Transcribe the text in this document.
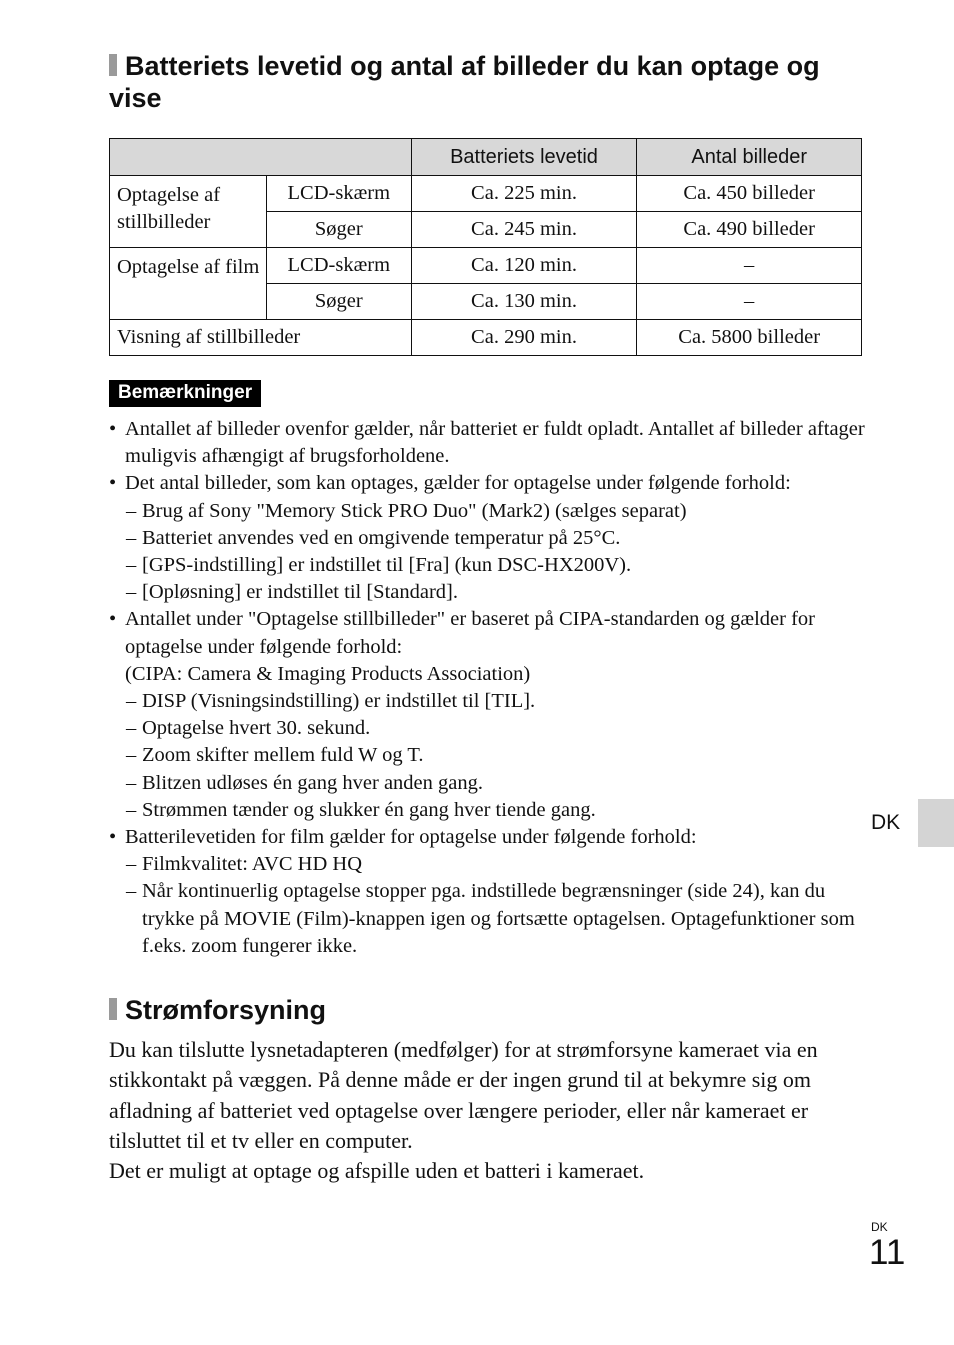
Batteriets levetid og antal af billeder du kan optage og vise
		Batteriets levetid	Antal billeder
Optagelse af stillbilleder	LCD-skærm	Ca. 225 min.	Ca. 450 billeder
	Søger	Ca. 245 min.	Ca. 490 billeder
Optagelse af film	LCD-skærm	Ca. 120 min.	–
	Søger	Ca. 130 min.	–
Visning af stillbilleder		Ca. 290 min.	Ca. 5800 billeder
Bemærkninger
• Antallet af billeder ovenfor gælder, når batteriet er fuldt opladt. Antallet af billeder aftager muligvis afhængigt af brugsforholdene.
• Det antal billeder, som kan optages, gælder for optagelse under følgende forhold:
– Brug af Sony "Memory Stick PRO Duo" (Mark2) (sælges separat)
– Batteriet anvendes ved en omgivende temperatur på 25°C.
– [GPS-indstilling] er indstillet til [Fra] (kun DSC-HX200V).
– [Opløsning] er indstillet til [Standard].
• Antallet under "Optagelse stillbilleder" er baseret på CIPA-standarden og gælder for optagelse under følgende forhold:
(CIPA: Camera & Imaging Products Association)
– DISP (Visningsindstilling) er indstillet til [TIL].
– Optagelse hvert 30. sekund.
– Zoom skifter mellem fuld W og T.
– Blitzen udløses én gang hver anden gang.
– Strømmen tænder og slukker én gang hver tiende gang.
• Batterilevetiden for film gælder for optagelse under følgende forhold:
– Filmkvalitet: AVC HD HQ
– Når kontinuerlig optagelse stopper pga. indstillede begrænsninger (side 24), kan du trykke på MOVIE (Film)-knappen igen og fortsætte optagelsen. Optagefunktioner som f.eks. zoom fungerer ikke.
Strømforsyning
Du kan tilslutte lysnetadapteren (medfølger) for at strømforsyne kameraet via en stikkontakt på væggen. På denne måde er der ingen grund til at bekymre sig om afladning af batteriet ved optagelse over længere perioder, eller når kameraet er tilsluttet til et tv eller en computer.
Det er muligt at optage og afspille uden et batteri i kameraet.
DK
DK
11
